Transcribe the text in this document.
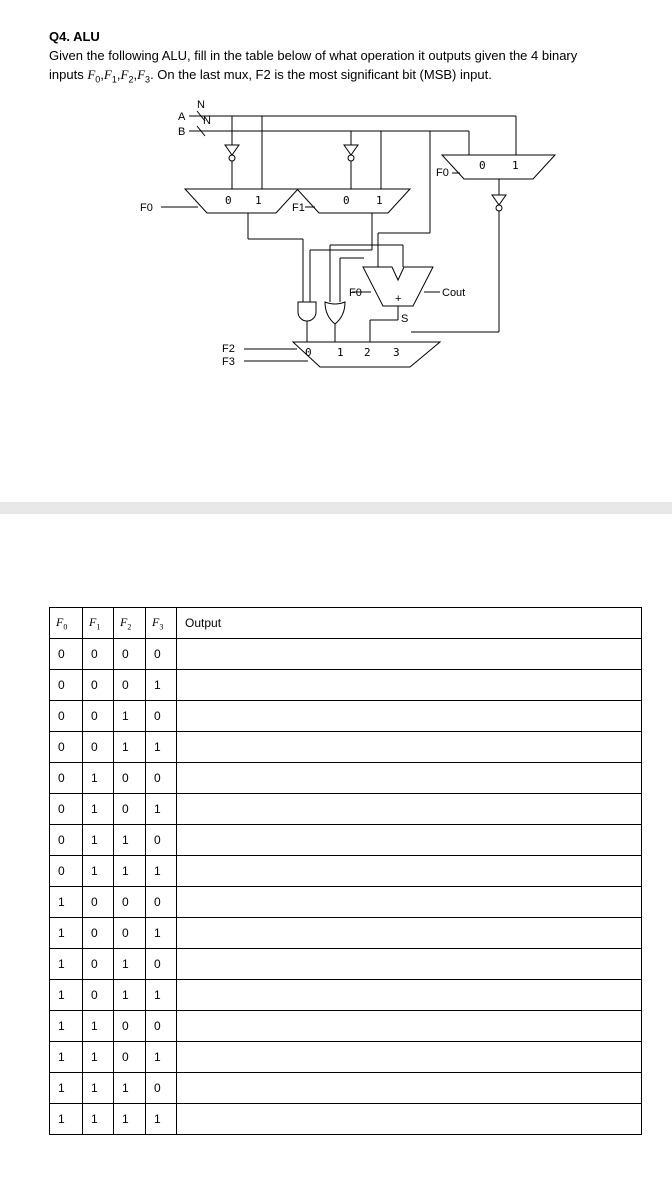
Q4. ALU
Given the following ALU, fill in the table below of what operation it outputs given the 4 binary
inputs $F_0,F_1,F_2,F_3$. On the last mux, F2 is the most significant bit (MSB) input.
A
B
N
N
F0
0 1
F1
0 1
F0
0 1
F0	+	Cout
S
F2
F3
0 1 2 3
$F_0$	$F_1$	$F_2$	$F_3$	Output
0	0	0	0	
0	0	0	1	
0	0	1	0	
0	0	1	1	
0	1	0	0	
0	1	0	1	
0	1	1	0	
0	1	1	1	
1	0	0	0	
1	0	0	1	
1	0	1	0	
1	0	1	1	
1	1	0	0	
1	1	0	1	
1	1	1	0	
1	1	1	1	
